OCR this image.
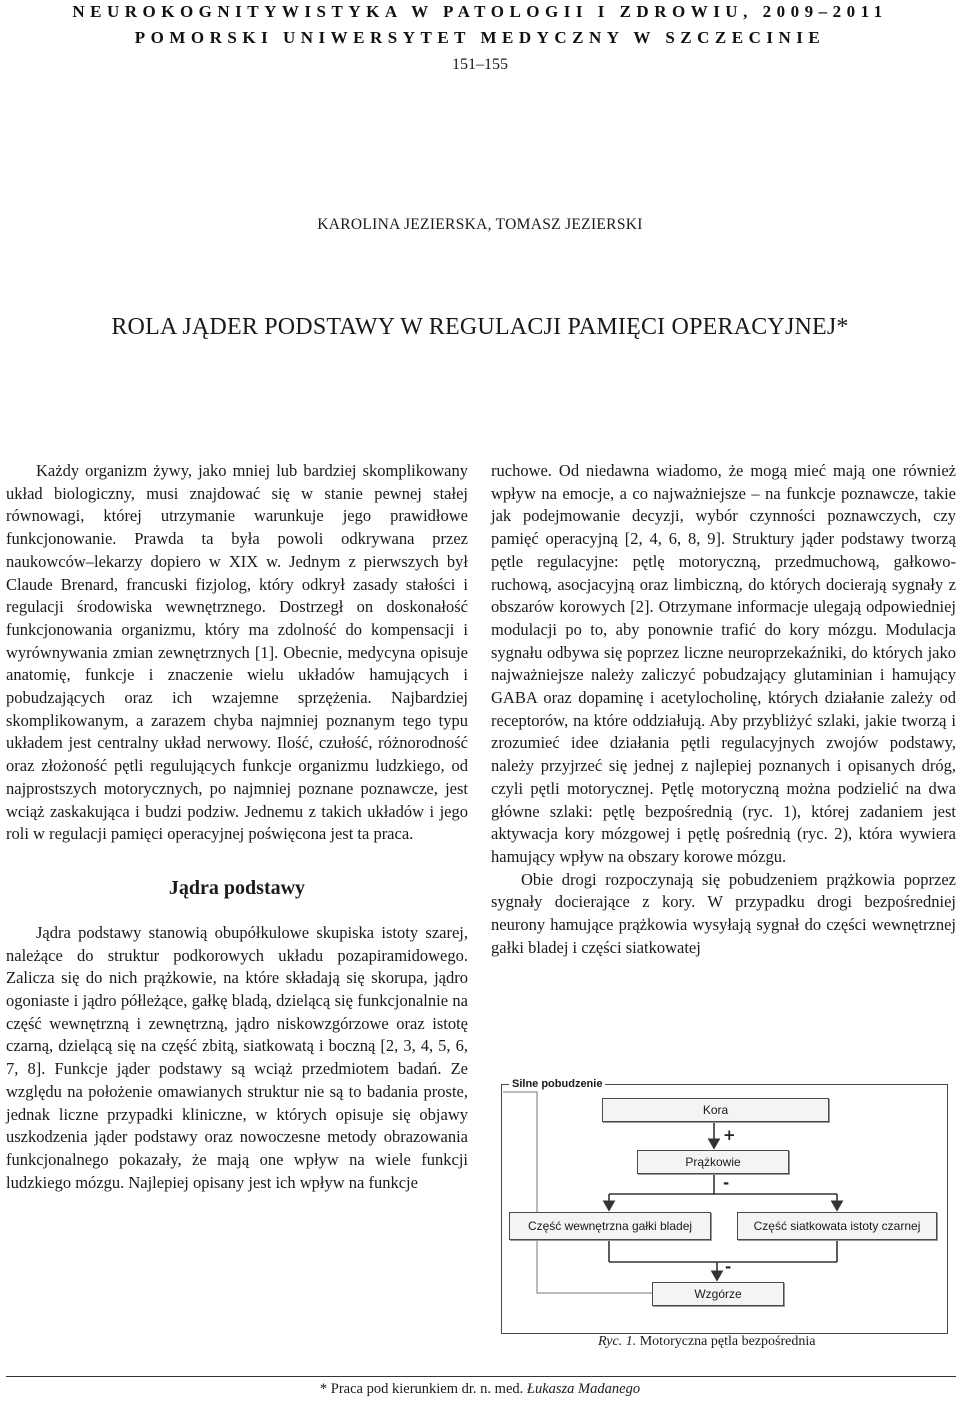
NEUROKOGNITYWISTYKA W PATOLOGII I ZDROWIU, 2009–2011
POMORSKI UNIWERSYTET MEDYCZNY W SZCZECINIE
151–155
KAROLINA JEZIERSKA, TOMASZ JEZIERSKI
ROLA JĄDER PODSTAWY W REGULACJI PAMIĘCI OPERACYJNEJ*

Każdy organizm żywy, jako mniej lub bardziej skomplikowany układ biologiczny, musi znajdować się w stanie pewnej stałej równowagi, której utrzymanie warunkuje jego prawidłowe funkcjonowanie. Prawda ta była powoli odkrywana przez naukowców–lekarzy dopiero w XIX w. Jednym z pierwszych był Claude Brenard, francuski fizjolog, który odkrył zasady stałości i regulacji środowiska wewnętrznego. Dostrzegł on doskonałość funkcjonowania organizmu, który ma zdolność do kompensacji i wyrównywania zmian zewnętrznych [1]. Obecnie, medycyna opisuje anatomię, funkcje i znaczenie wielu układów hamujących i pobudzających oraz ich wzajemne sprzężenia. Najbardziej skomplikowanym, a zarazem chyba najmniej poznanym tego typu układem jest centralny układ nerwowy. Ilość, czułość, różnorodność oraz złożoność pętli regulujących funkcje organizmu ludzkiego, od najprostszych motorycznych, po najmniej poznane poznawcze, jest wciąż zaskakująca i budzi podziw. Jednemu z takich układów i jego roli w regulacji pamięci operacyjnej poświęcona jest ta praca.

Jądra podstawy

Jądra podstawy stanowią obupółkulowe skupiska istoty szarej, należące do struktur podkorowych układu pozapiramidowego. Zalicza się do nich prążkowie, na które składają się skorupa, jądro ogoniaste i jądro półleżące, gałkę bladą, dzielącą się funkcjonalnie na część wewnętrzną i zewnętrzną, jądro niskowzgórzowe oraz istotę czarną, dzielącą się na część zbitą, siatkowatą i boczną [2, 3, 4, 5, 6, 7, 8]. Funkcje jąder podstawy są wciąż przedmiotem badań. Ze względu na położenie omawianych struktur nie są to badania proste, jednak liczne przypadki kliniczne, w których opisuje się objawy uszkodzenia jąder podstawy oraz nowoczesne metody obrazowania funkcjonalnego pokazały, że mają one wpływ na wiele funkcji ludzkiego mózgu. Najlepiej opisany jest ich wpływ na funkcje

ruchowe. Od niedawna wiadomo, że mogą mieć mają one również wpływ na emocje, a co najważniejsze – na funkcje poznawcze, takie jak podejmowanie decyzji, wybór czynności poznawczych, czy pamięć operacyjną [2, 4, 6, 8, 9]. Struktury jąder podstawy tworzą pętle regulacyjne: pętlę motoryczną, przedmuchową, gałkowo-ruchową, asocjacyjną oraz limbiczną, do których docierają sygnały z obszarów korowych [2]. Otrzymane informacje ulegają odpowiedniej modulacji po to, aby ponownie trafić do kory mózgu. Modulacja sygnału odbywa się poprzez liczne neuroprzekaźniki, do których jako najważniejsze należy zaliczyć pobudzający glutaminian i hamujący GABA oraz dopaminę i acetylocholinę, których działanie zależy od receptorów, na które oddziałują. Aby przybliżyć szlaki, jakie tworzą i zrozumieć idee działania pętli regulacyjnych zwojów podstawy, należy przyjrzeć się jednej z najlepiej poznanych i opisanych dróg, czyli pętli motorycznej. Pętlę motoryczną można podzielić na dwa główne szlaki: pętlę bezpośrednią (ryc. 1), której zadaniem jest aktywacja kory mózgowej i pętlę pośrednią (ryc. 2), która wywiera hamujący wpływ na obszary korowe mózgu.

Obie drogi rozpoczynają się pobudzeniem prążkowia poprzez sygnały docierające z kory. W przypadku drogi bezpośredniej neurony hamujące prążkowia wysyłają sygnał do części wewnętrznej gałki bladej i części siatkowatej

Silne pobudzenie
Kora
+
Prążkowie
-
Część wewnętrzna gałki bladej	Część siatkowata istoty czarnej
-
Wzgórze
Ryc. 1. Motoryczna pętla bezpośrednia
* Praca pod kierunkiem dr. n. med. Łukasza Madanego
